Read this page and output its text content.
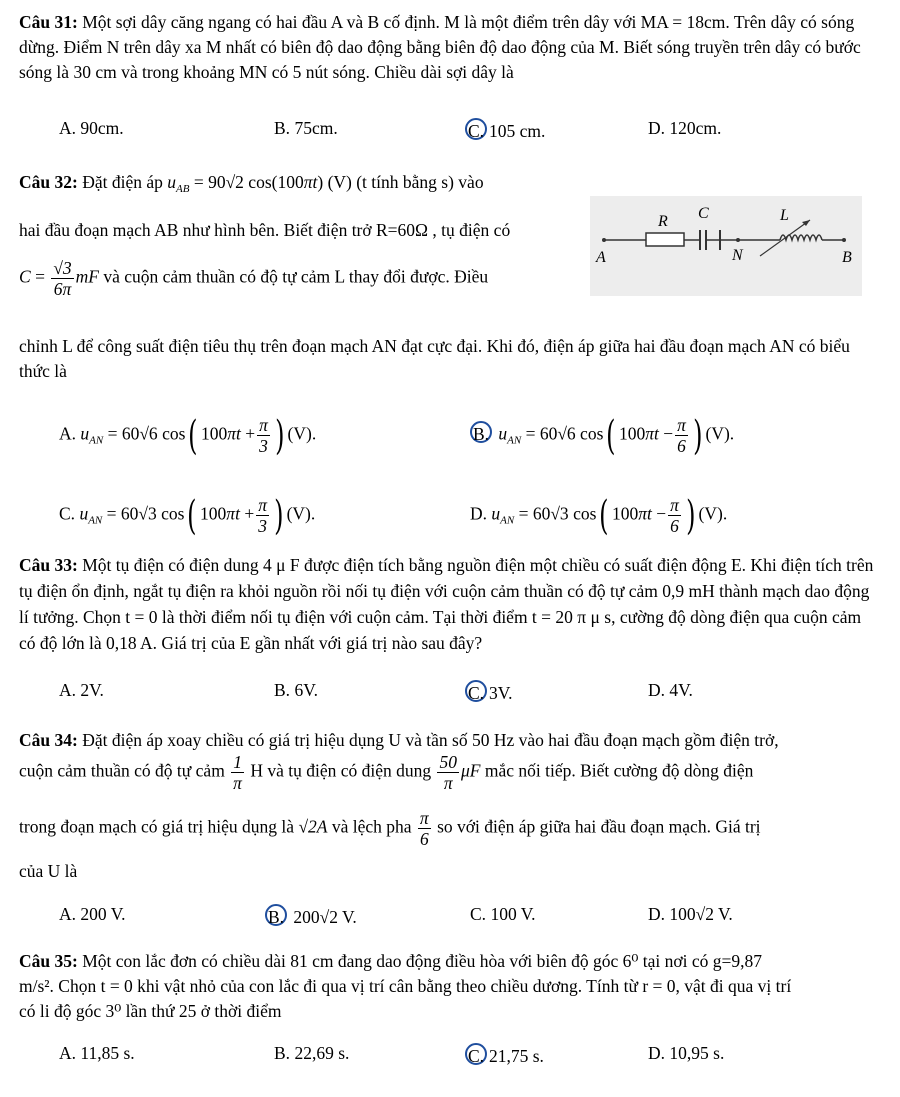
Câu 31: Một sợi dây căng ngang có hai đầu A và B cố định. M là một điểm trên dây với MA = 18cm. Trên dây có sóng dừng. Điểm N trên dây xa M nhất có biên độ dao động bằng biên độ dao động của M. Biết sóng truyền trên dây có bước sóng là 30 cm và trong khoảng MN có 5 nút sóng. Chiều dài sợi dây là
A. 90cm.	B. 75cm.	C. 105 cm.	D. 120cm.
Câu 32: Đặt điện áp $u_{AB} = 90√2$ cos(100πt) (V) (t tính bằng s) vào
hai đầu đoạn mạch AB như hình bên. Biết điện trở R=60Ω , tụ điện có
$C = \frac{√3}{6\pi}$ mF và cuộn cảm thuần có độ tự cảm L thay đổi được. Điều
R C	L
A	N	B
chỉnh L để công suất điện tiêu thụ trên đoạn mạch AN đạt cực đại. Khi đó, điện áp giữa hai đầu đoạn mạch AN có biểu thức là
A. $u_{AN} = 60√6$ cos( $100\pi t + \frac{\pi}{3}$ ) (V).	B. $u_{AN} = 60√6$ cos( $100\pi t - \frac{\pi}{6}$ ) (V).
C. $u_{AN} = 60√3$ cos( $100\pi t + \frac{\pi}{3}$ ) (V).	D. $u_{AN} = 60√3$ cos( $100\pi t - \frac{\pi}{6}$ ) (V).
Câu 33: Một tụ điện có điện dung 4 μ F được điện tích bằng nguồn điện một chiều có suất điện động E. Khi điện tích trên tụ điện ổn định, ngắt tụ điện ra khỏi nguồn rồi nối tụ điện với cuộn cảm thuần có độ tự cảm 0,9 mH thành mạch dao động lí tưởng. Chọn t = 0 là thời điểm nối tụ điện với cuộn cảm. Tại thời điểm t = 20 π μ s, cường độ dòng điện qua cuộn cảm có độ lớn là 0,18 A. Giá trị của E gần nhất với giá trị nào sau đây?
A. 2V.	B. 6V.	C. 3V.	D. 4V.
Câu 34: Đặt điện áp xoay chiều có giá trị hiệu dụng U và tần số 50 Hz vào hai đầu đoạn mạch gồm điện trở,
cuộn cảm thuần có độ tự cảm $\frac{1}{\pi}$ H và tụ điện có điện dung $\frac{50}{\pi}$ μF mắc nối tiếp. Biết cường độ dòng điện
trong đoạn mạch có giá trị hiệu dụng là √2A và lệch pha $\frac{\pi}{6}$ so với điện áp giữa hai đầu đoạn mạch. Giá trị
của U là
A. 200 V.	B. 200√2 V.	C. 100 V.	D. 100√2 V.
Câu 35: Một con lắc đơn có chiều dài 81 cm đang dao động điều hòa với biên độ góc 6⁰ tại nơi có g=9,87
m/s². Chọn t = 0 khi vật nhỏ của con lắc đi qua vị trí cân bằng theo chiều dương. Tính từ r = 0, vật đi qua vị trí
có li độ góc 3⁰ lần thứ 25 ở thời điểm
A. 11,85 s.	B. 22,69 s.	C. 21,75 s.	D. 10,95 s.
